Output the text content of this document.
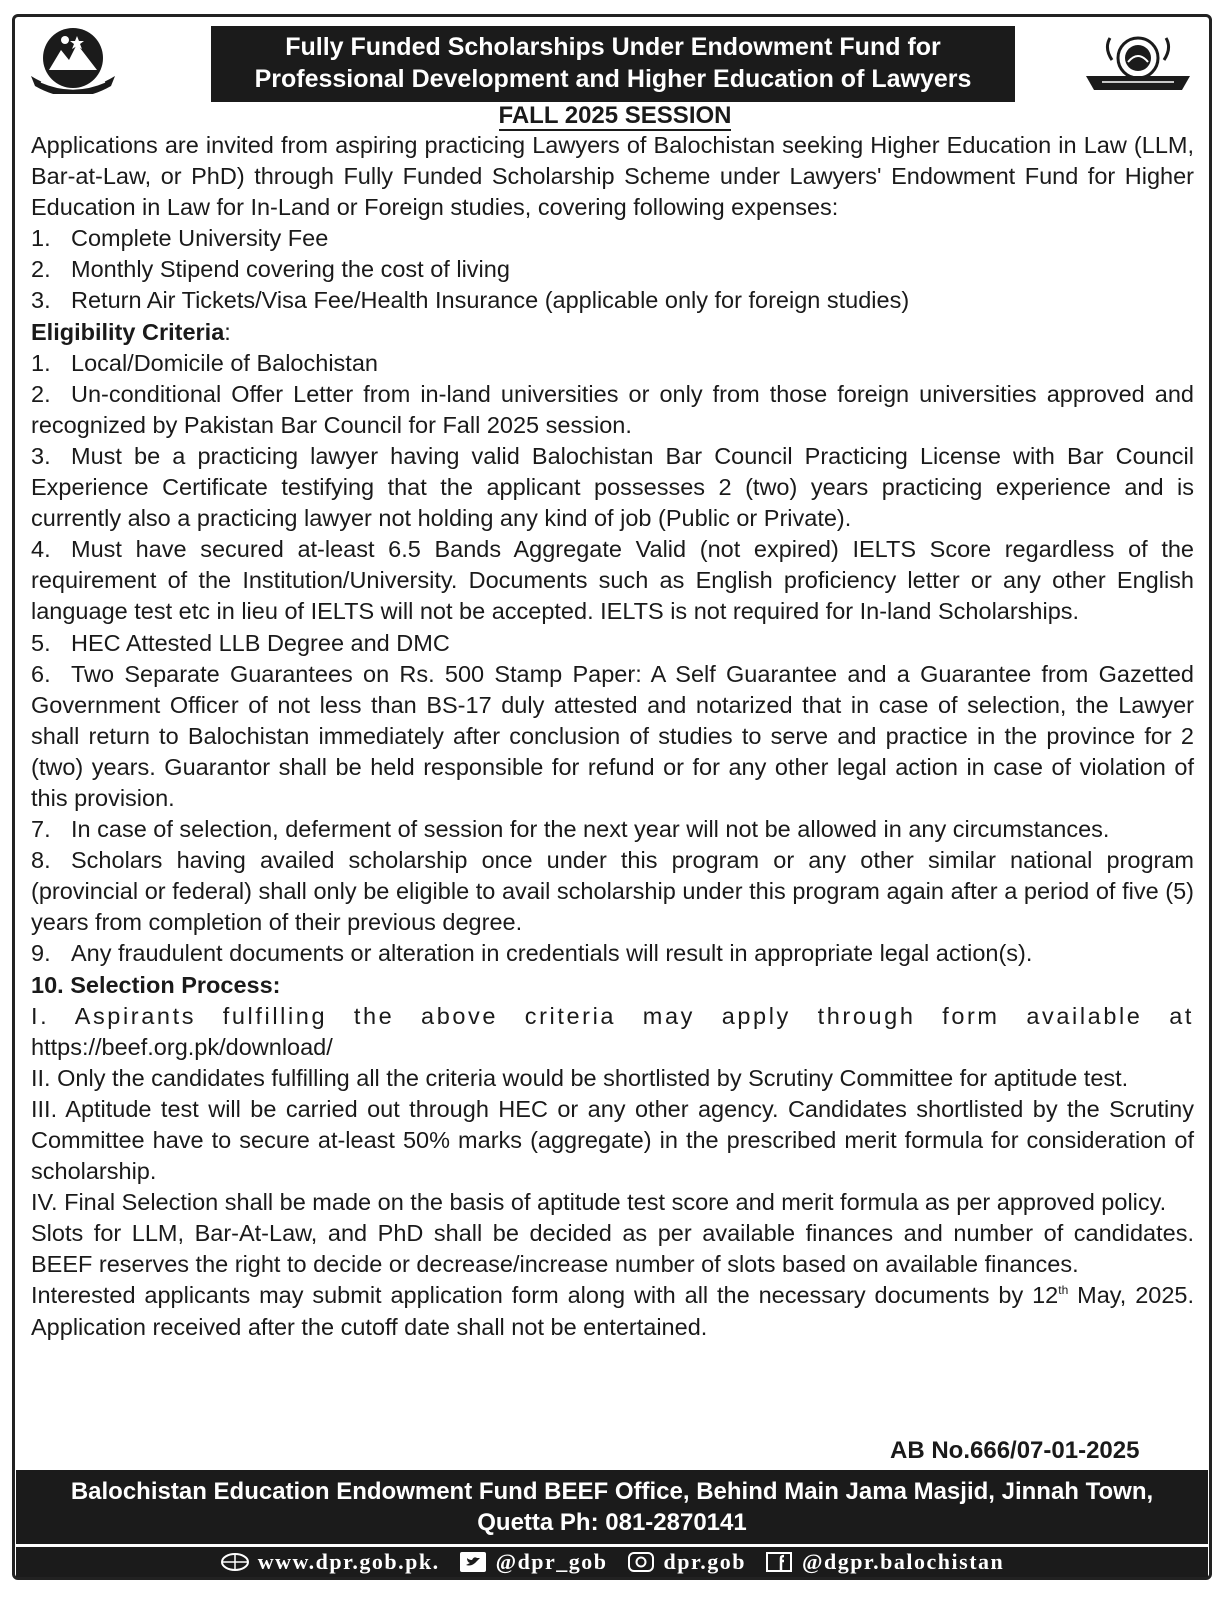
Fully Funded Scholarships Under Endowment Fund for
Professional Development and Higher Education of Lawyers
FALL 2025 SESSION
Applications are invited from aspiring practicing Lawyers of Balochistan seeking Higher Education in Law (LLM, Bar-at-Law, or PhD) through Fully Funded Scholarship Scheme under Lawyers' Endowment Fund for Higher Education in Law for In-Land or Foreign studies, covering following expenses:
1. Complete University Fee
2. Monthly Stipend covering the cost of living
3. Return Air Tickets/Visa Fee/Health Insurance (applicable only for foreign studies)
Eligibility Criteria:
1. Local/Domicile of Balochistan
2. Un-conditional Offer Letter from in-land universities or only from those foreign universities approved and recognized by Pakistan Bar Council for Fall 2025 session.
3. Must be a practicing lawyer having valid Balochistan Bar Council Practicing License with Bar Council Experience Certificate testifying that the applicant possesses 2 (two) years practicing experience and is currently also a practicing lawyer not holding any kind of job (Public or Private).
4. Must have secured at-least 6.5 Bands Aggregate Valid (not expired) IELTS Score regardless of the requirement of the Institution/University. Documents such as English proficiency letter or any other English language test etc in lieu of IELTS will not be accepted. IELTS is not required for In-land Scholarships.
5. HEC Attested LLB Degree and DMC
6. Two Separate Guarantees on Rs. 500 Stamp Paper: A Self Guarantee and a Guarantee from Gazetted Government Officer of not less than BS-17 duly attested and notarized that in case of selection, the Lawyer shall return to Balochistan immediately after conclusion of studies to serve and practice in the province for 2 (two) years. Guarantor shall be held responsible for refund or for any other legal action in case of violation of this provision.
7. In case of selection, deferment of session for the next year will not be allowed in any circumstances.
8. Scholars having availed scholarship once under this program or any other similar national program (provincial or federal) shall only be eligible to avail scholarship under this program again after a period of five (5) years from completion of their previous degree.
9. Any fraudulent documents or alteration in credentials will result in appropriate legal action(s).
10. Selection Process:
I. Aspirants fulfilling the above criteria may apply through form available at
https://beef.org.pk/download/
II. Only the candidates fulfilling all the criteria would be shortlisted by Scrutiny Committee for aptitude test.
III. Aptitude test will be carried out through HEC or any other agency. Candidates shortlisted by the Scrutiny Committee have to secure at-least 50% marks (aggregate) in the prescribed merit formula for consideration of scholarship.
IV. Final Selection shall be made on the basis of aptitude test score and merit formula as per approved policy.
Slots for LLM, Bar-At-Law, and PhD shall be decided as per available finances and number of candidates. BEEF reserves the right to decide or decrease/increase number of slots based on available finances.
Interested applicants may submit application form along with all the necessary documents by 12th May, 2025. Application received after the cutoff date shall not be entertained.
AB No.666/07-01-2025
Balochistan Education Endowment Fund BEEF Office, Behind Main Jama Masjid, Jinnah Town,
Quetta Ph: 081-2870141
www.dpr.gob.pk.	@dpr_gob	dpr.gob	@dgpr.balochistan
